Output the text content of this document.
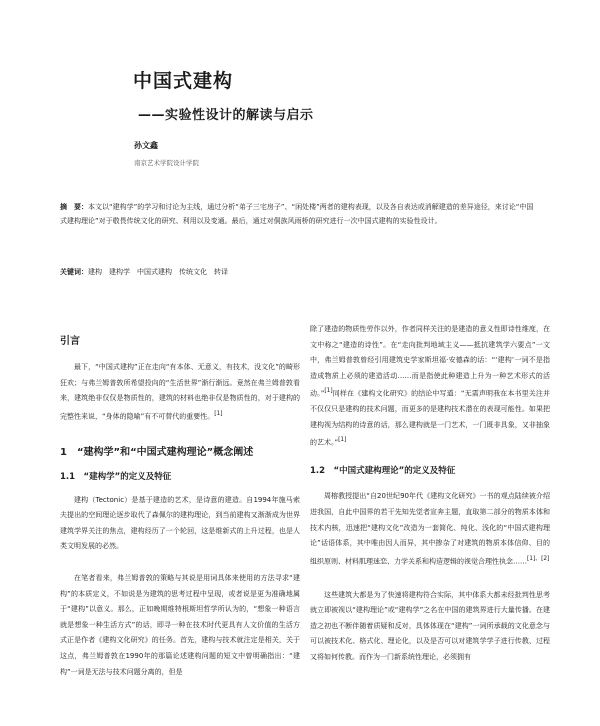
中国式建构
——实验性设计的解读与启示
孙文鑫
南京艺术学院设计学院
摘　要：本文以“建构学”的学习和讨论为主线，通过分析“弟子三宅房子”、“闲处楼”两者的建构表现，以及各自表达或消解建造的差异途径，来讨论“中国式建构理论”对于敬畏传统文化的研究、利用以及变通。最后，通过对侗族风雨桥的研究进行一次中国式建构的实验性设计。
关键词：建构　建构学　中国式建构　传统文化　转译
引言

最下，“中国式建构”正在走向“有本体、无意义，有技术，没文化”的畸形狂欢；与弗兰姆普敦所希望投向的“生活世界”渐行渐远。竟然在弗兰姆普敦看来，建筑绝非仅仅是物质性的，建筑的材料也绝非仅是物质性的，对于建构的完整性来说，“身体的隐喻”有不可替代的重要性。[1]

1　“建构学”和“中国式建构理论”概念阐述
1.1　“建构学”的定义及特征

建构（Tectonic）是基于建造的艺术，是诗意的建造。自1994年施马索夫提出的空间理论逐步取代了森佩尔的建构理论，到当前建构又渐渐成为世界建筑学界关注的焦点，建构经历了一个轮回，这是维新式的上升过程，也是人类文明发展的必然。

在笔者看来，弗兰姆普敦的策略与其说是用词具体来使用的方法寻求“建构”的本质定义，不如说是为建筑的思考过程中呈现，或者说是更为准确地属于“建构”以意义。那么，正如晚期维特根斯坦哲学所认为的，“想象一种语言就是想象一种生活方式”的话，即寻一种在技术时代更具有人文价值的生活方式正是作者《建构文化研究》的任务。首先，建构与技术就注定是相关，关于这点，弗兰姆普敦在1990年的那篇论述建构问题的短文中曾明确指出：“建构”一词是无法与技术问题分离的，但是

除了建造的物质性劳作以外，作者同样关注的是建造的意义性即诗性维度，在文中称之“建造的诗性”。在“走向批判地域主义——抵抗建筑学六要点”一文中，弗兰姆普敦曾经引用建筑史学家斯坦福·安德森的话：“‘建构’一词不是指造成物质上必须的建造活动……而是指使此种建造上升为一种艺术形式的活动。”[1]同样在《建构文化研究》的结论中写道：“无需声明我在本书里关注并不仅仅只是建构的技术问题，而更多的是建构技术潜在的表现可能性。如果把建构视为结构的诗意的话，那么建构就是一门艺术，一门既非具象，又非抽象的艺术。”[1]

1.2　“中国式建构理论”的定义及特征

周榕教授提出“自20世纪90年代《建构文化研究》一书的观点陆续被介绍进我国，自此中国界的若干先知先觉者宣奔主题，直取第二部分的物质本体和技术内核，迅速把“建构文化”改造为一套简化、纯化、浅化的“中国式建构理论”话语体系，其中唯由因人而异，其中掺杂了对建筑的物质本体信仰、目的组织原则、材料肌理迷恋、力学关系和构造逻辑的视觉合理性执念……[1]、[2]

这些建筑大都是为了快速将建构符合实际，其中体系大都未经批判性思考就立即被视以“建构理论”或“建构学”之名在中国的建筑界进行大量传播。在建造之初也不断伴随着质疑和反对，具体体现在“建构”一词所承载的文化意念与可以被技术化、格式化、理论化，以及是否可以对建筑学学子进行传教、过程又将如何传教。而作为一门新系统性理论，必须拥有
